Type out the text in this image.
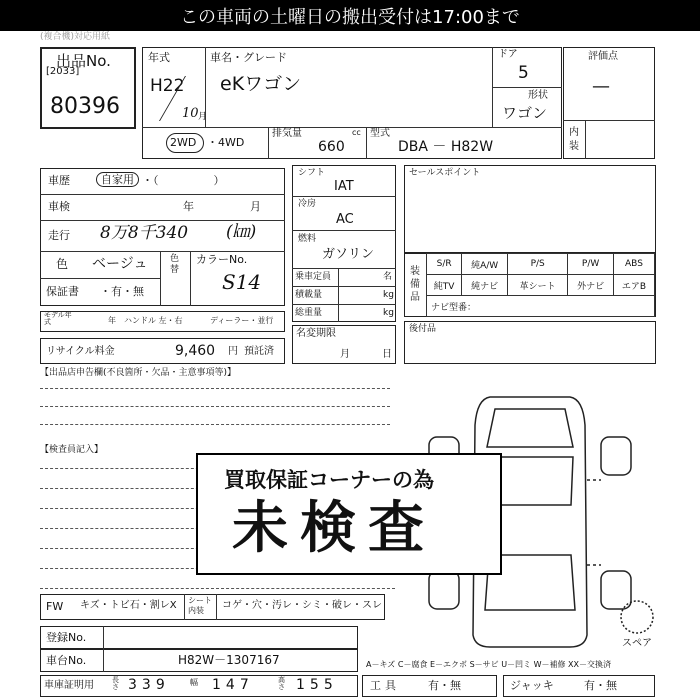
この車両の土曜日の搬出受付は17:00まで
(複合機)対応用紙
出品No.
[2033]
80396
年式
H22
10 月
車名・グレード
eKワゴン
ドア
5
形状
ワゴン
2WD ・4WD
排気量	cc
660
型式
DBA － H82W
評価点
—
内装
車歴	自家用 ・（　　　　　）
車検	年	月
走行 8万8千340 (㎞)
色 ベージュ	色替
カラーNo.
S14
保証書 ・有・無
モデル年式	年 ハンドル 左・右	ディーラー・並行
リサイクル料金	9,460 円 預託済
シフト
IAT
冷房
AC
燃料
ガソリン
乗車定員	名
積載量	kg
総重量	kg
名変期限
月	日
セールスポイント
装備品
S/R	純A/W	P/S	P/W	ABS
純TV	純ナビ	革シート	外ナビ	エアB
ナビ型番：				
後付品
【出品店申告欄(不良箇所・欠品・主意事項等)】
【検査員記入】
スペア
買取保証コーナーの為
未検査
FW キズ・トビ石・割レX シート内装	コゲ・穴・汚レ・シミ・破レ・スレ
登録No.
車台No.	H82W－1307167	A－キズ C－腐食 E－エクボ S－サビ U－凹ミ W－補修 XX－交換済
車庫証明用	長さ 339	幅 147	高さ 155	工具	有・無	ジャッキ	有・無
